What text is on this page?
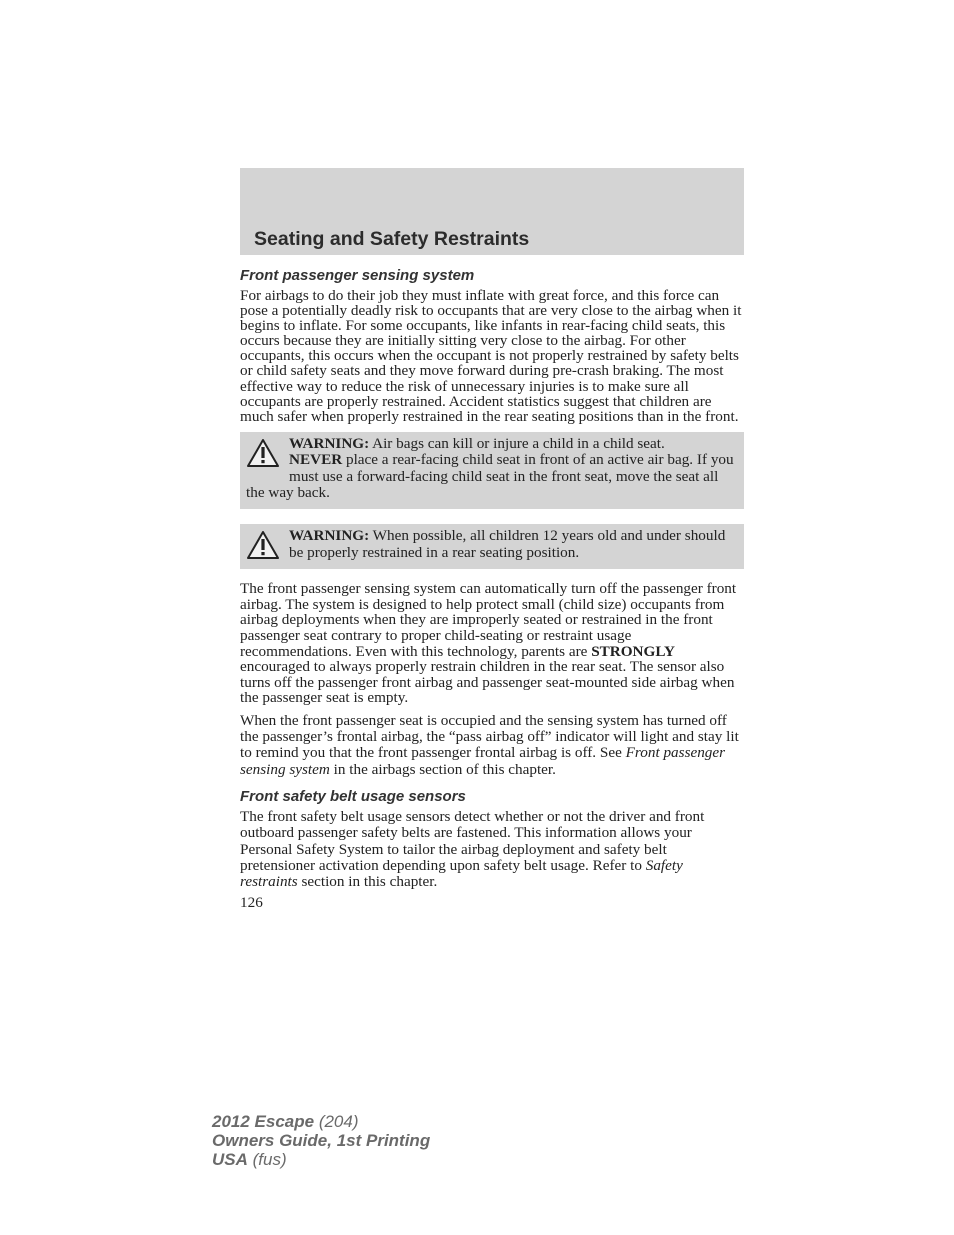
Seating and Safety Restraints
Front passenger sensing system

For airbags to do their job they must inflate with great force, and this force can pose a potentially deadly risk to occupants that are very close to the airbag when it begins to inflate. For some occupants, like infants in rear-facing child seats, this occurs because they are initially sitting very close to the airbag. For other occupants, this occurs when the occupant is not properly restrained by safety belts or child safety seats and they move forward during pre-crash braking. The most effective way to reduce the risk of unnecessary injuries is to make sure all occupants are properly restrained. Accident statistics suggest that children are much safer when properly restrained in the rear seating positions than in the front.

WARNING: Air bags can kill or injure a child in a child seat.
NEVER place a rear-facing child seat in front of an active air bag. If you must use a forward-facing child seat in the front seat, move the seat all the way back.

WARNING: When possible, all children 12 years old and under should be properly restrained in a rear seating position.

The front passenger sensing system can automatically turn off the passenger front airbag. The system is designed to help protect small (child size) occupants from airbag deployments when they are improperly seated or restrained in the front passenger seat contrary to proper child-seating or restraint usage recommendations. Even with this technology, parents are STRONGLY encouraged to always properly restrain children in the rear seat. The sensor also turns off the passenger front airbag and passenger seat-mounted side airbag when the passenger seat is empty.

When the front passenger seat is occupied and the sensing system has turned off the passenger’s frontal airbag, the “pass airbag off” indicator will light and stay lit to remind you that the front passenger frontal airbag is off. See Front passenger sensing system in the airbags section of this chapter.

Front safety belt usage sensors

The front safety belt usage sensors detect whether or not the driver and front outboard passenger safety belts are fastened. This information allows your Personal Safety System to tailor the airbag deployment and safety belt pretensioner activation depending upon safety belt usage. Refer to Safety restraints section in this chapter.

126
2012 Escape (204)
Owners Guide, 1st Printing
USA (fus)
